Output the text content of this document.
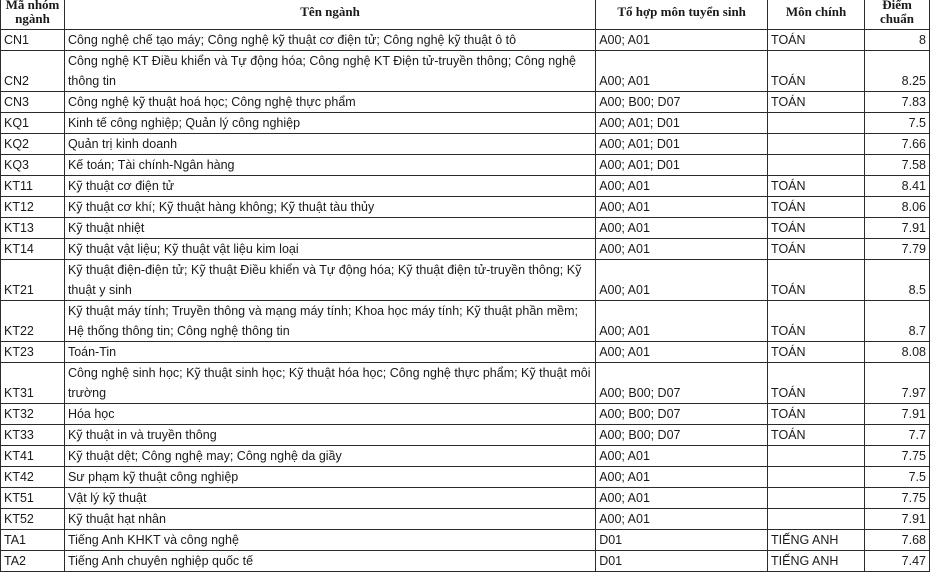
Mã nhóm ngành	Tên ngành	Tổ hợp môn tuyển sinh	Môn chính	Điểm chuẩn
CN1	Công nghệ chế tạo máy; Công nghệ kỹ thuật cơ điện tử; Công nghệ kỹ thuật ô tô	A00; A01	TOÁN	8
CN2	Công nghệ KT Điều khiển và Tự động hóa; Công nghệ KT Điện tử-truyền thông; Công nghệ thông tin	A00; A01	TOÁN	8.25
CN3	Công nghệ kỹ thuật hoá học; Công nghệ thực phẩm	A00; B00; D07	TOÁN	7.83
KQ1	Kinh tế công nghiệp; Quản lý công nghiệp	A00; A01; D01		7.5
KQ2	Quản trị kinh doanh	A00; A01; D01		7.66
KQ3	Kế toán; Tài chính-Ngân hàng	A00; A01; D01		7.58
KT11	Kỹ thuật cơ điện tử	A00; A01	TOÁN	8.41
KT12	Kỹ thuật cơ khí; Kỹ thuật hàng không; Kỹ thuật tàu thủy	A00; A01	TOÁN	8.06
KT13	Kỹ thuật nhiệt	A00; A01	TOÁN	7.91
KT14	Kỹ thuật vật liệu; Kỹ thuật vật liệu kim loại	A00; A01	TOÁN	7.79
KT21	Kỹ thuật điện-điện tử; Kỹ thuật Điều khiển và Tự động hóa; Kỹ thuật điện tử-truyền thông; Kỹ thuật y sinh	A00; A01	TOÁN	8.5
KT22	Kỹ thuật máy tính; Truyền thông và mạng máy tính; Khoa học máy tính; Kỹ thuật phần mềm; Hệ thống thông tin; Công nghệ thông tin	A00; A01	TOÁN	8.7
KT23	Toán-Tin	A00; A01	TOÁN	8.08
KT31	Công nghệ sinh học; Kỹ thuật sinh học; Kỹ thuật hóa học; Công nghệ thực phẩm; Kỹ thuật môi trường	A00; B00; D07	TOÁN	7.97
KT32	Hóa học	A00; B00; D07	TOÁN	7.91
KT33	Kỹ thuật in và truyền thông	A00; B00; D07	TOÁN	7.7
KT41	Kỹ thuật dệt; Công nghệ may; Công nghệ da giầy	A00; A01		7.75
KT42	Sư phạm kỹ thuật công nghiệp	A00; A01		7.5
KT51	Vật lý kỹ thuật	A00; A01		7.75
KT52	Kỹ thuật hạt nhân	A00; A01		7.91
TA1	Tiếng Anh KHKT và công nghệ	D01	TIẾNG ANH	7.68
TA2	Tiếng Anh chuyên nghiệp quốc tế	D01	TIẾNG ANH	7.47
